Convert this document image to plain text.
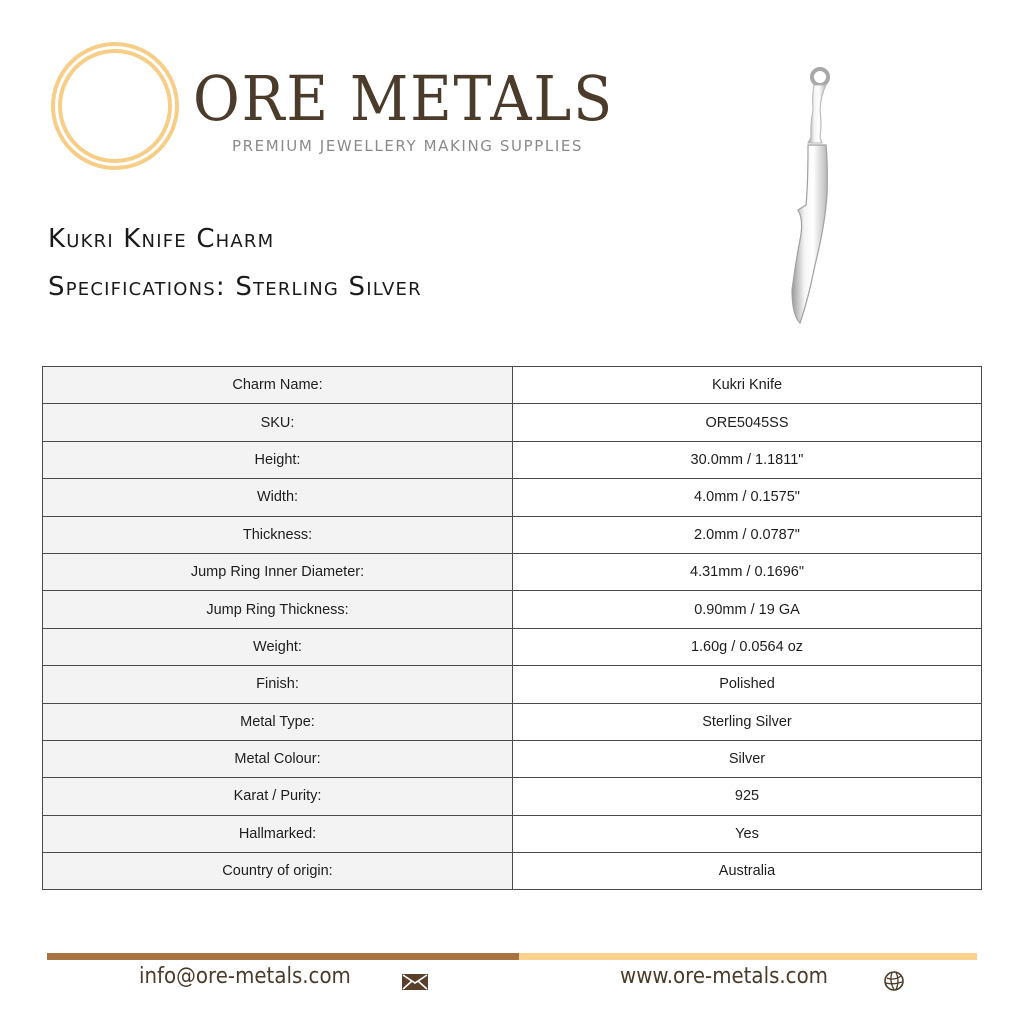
ORE METALS
PREMIUM JEWELLERY MAKING SUPPLIES
Kukri Knife Charm
Specifications: Sterling Silver
Charm Name:	Kukri Knife
SKU:	ORE5045SS
Height:	30.0mm / 1.1811"
Width:	4.0mm / 0.1575"
Thickness:	2.0mm / 0.0787"
Jump Ring Inner Diameter:	4.31mm / 0.1696"
Jump Ring Thickness:	0.90mm / 19 GA
Weight:	1.60g / 0.0564 oz
Finish:	Polished
Metal Type:	Sterling Silver
Metal Colour:	Silver
Karat / Purity:	925
Hallmarked:	Yes
Country of origin:	Australia
info@ore-metals.com	www.ore-metals.com
